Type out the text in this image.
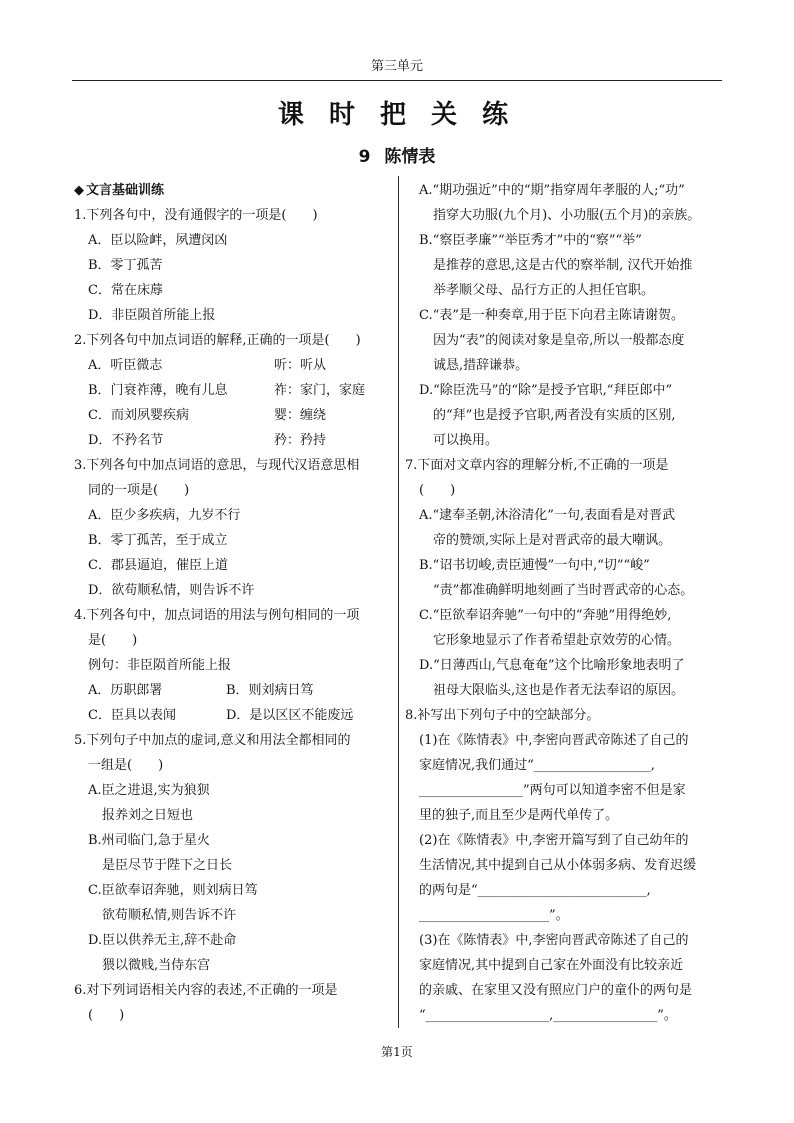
第三单元
课 时 把 关 练
9 陈情表
◆ 文言基础训练
1.下列各句中，没有通假字的一项是(　　)
A．臣以险衅，夙遭闵凶
B．零丁孤苦
C．常在床蓐
D．非臣陨首所能上报
2.下列各句中加点词语的解释,正确的一项是(　　)
A．听臣微志	听：听从
B．门衰祚薄，晚有儿息	祚：家门，家庭
C．而刘夙婴疾病	婴：缠绕
D．不矜名节	矜：矜持
3.下列各句中加点词语的意思，与现代汉语意思相
同的一项是(　　)
A．臣少多疾病，九岁不行
B．零丁孤苦，至于成立
C．郡县逼迫，催臣上道
D．欲苟顺私情，则告诉不许
4.下列各句中，加点词语的用法与例句相同的一项
是(　　)
例句：非臣陨首所能上报
A．历职郎署	B．则刘病日笃
C．臣具以表闻	D．是以区区不能废远
5.下列句子中加点的虚词,意义和用法全都相同的
一组是(　　)
A.臣之进退,实为狼狈
报养刘之日短也
B.州司临门,急于星火
是臣尽节于陛下之日长
C.臣欲奉诏奔驰，则刘病日笃
欲苟顺私情,则告诉不许
D.臣以供养无主,辞不赴命
猥以微贱,当侍东宫
6.对下列词语相关内容的表述,不正确的一项是
(　　)
A.“期功强近”中的“期”指穿周年孝服的人;“功”
指穿大功服(九个月)、小功服(五个月)的亲族。
B.“察臣孝廉”“举臣秀才”中的“察”“举”
是推荐的意思,这是古代的察举制, 汉代开始推
举孝顺父母、品行方正的人担任官职。
C.“表”是一种奏章,用于臣下向君主陈请谢贺。
因为“表”的阅读对象是皇帝,所以一般都态度
诚恳,措辞谦恭。
D.“除臣洗马”的“除”是授予官职,“拜臣郎中”
的“拜”也是授予官职,两者没有实质的区别,
可以换用。
7.下面对文章内容的理解分析,不正确的一项是
(　　)
A.“逮奉圣朝,沐浴清化”一句,表面看是对晋武
帝的赞颂,实际上是对晋武帝的最大嘲讽。
B.“诏书切峻,责臣逋慢”一句中,“切”“峻”
“责”都准确鲜明地刻画了当时晋武帝的心态。
C.“臣欲奉诏奔驰”一句中的“奔驰”用得绝妙,
它形象地显示了作者希望赴京效劳的心情。
D.“日薄西山,气息奄奄”这个比喻形象地表明了
祖母大限临头,这也是作者无法奉诏的原因。
8.补写出下列句子中的空缺部分。
(1)在《陈情表》中,李密向晋武帝陈述了自己的
家庭情况,我们通过“__________________,
________________”两句可以知道李密不但是家
里的独子,而且至少是两代单传了。
(2)在《陈情表》中,李密开篇写到了自己幼年的
生活情况,其中提到自己从小体弱多病、发育迟缓
的两句是“__________________________,
____________________”。
(3)在《陈情表》中,李密向晋武帝陈述了自己的
家庭情况,其中提到自己家在外面没有比较亲近
的亲戚、在家里又没有照应门户的童仆的两句是
“___________________,________________”。
第1页
